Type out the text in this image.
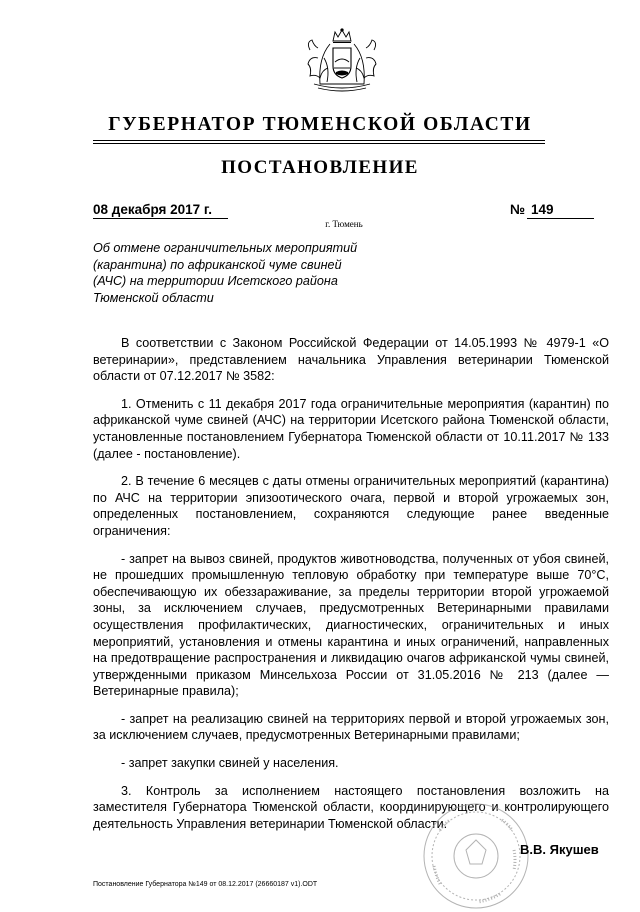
ГУБЕРНАТОР ТЮМЕНСКОЙ ОБЛАСТИ
ПОСТАНОВЛЕНИЕ
08 декабря 2017 г.	№ 149
г. Тюмень
Об отмене ограничительных мероприятий (карантина) по африканской чуме свиней (АЧС) на территории Исетского района Тюменской области

В соответствии с Законом Российской Федерации от 14.05.1993 № 4979-1 «О ветеринарии», представлением начальника Управления ветеринарии Тюменской области от 07.12.2017 № 3582:

1. Отменить с 11 декабря 2017 года ограничительные мероприятия (карантин) по африканской чуме свиней (АЧС) на территории Исетского района Тюменской области, установленные постановлением Губернатора Тюменской области от 10.11.2017 № 133 (далее - постановление).

2. В течение 6 месяцев с даты отмены ограничительных мероприятий (карантина) по АЧС на территории эпизоотического очага, первой и второй угрожаемых зон, определенных постановлением, сохраняются следующие ранее введенные ограничения:

- запрет на вывоз свиней, продуктов животноводства, полученных от убоя свиней, не прошедших промышленную тепловую обработку при температуре выше 70°С, обеспечивающую их обеззараживание, за пределы территории второй угрожаемой зоны, за исключением случаев, предусмотренных Ветеринарными правилами осуществления профилактических, диагностических, ограничительных и иных мероприятий, установления и отмены карантина и иных ограничений, направленных на предотвращение распространения и ликвидацию очагов африканской чумы свиней, утвержденными приказом Минсельхоза России от 31.05.2016 № 213 (далее — Ветеринарные правила);

- запрет на реализацию свиней на территориях первой и второй угрожаемых зон, за исключением случаев, предусмотренных Ветеринарными правилами;

- запрет закупки свиней у населения.

3. Контроль за исполнением настоящего постановления возложить на заместителя Губернатора Тюменской области, координирующего и контролирующего деятельность Управления ветеринарии Тюменской области.

В.В. Якушев
Постановление Губернатора №149 от 08.12.2017 (26660187 v1).ODT
